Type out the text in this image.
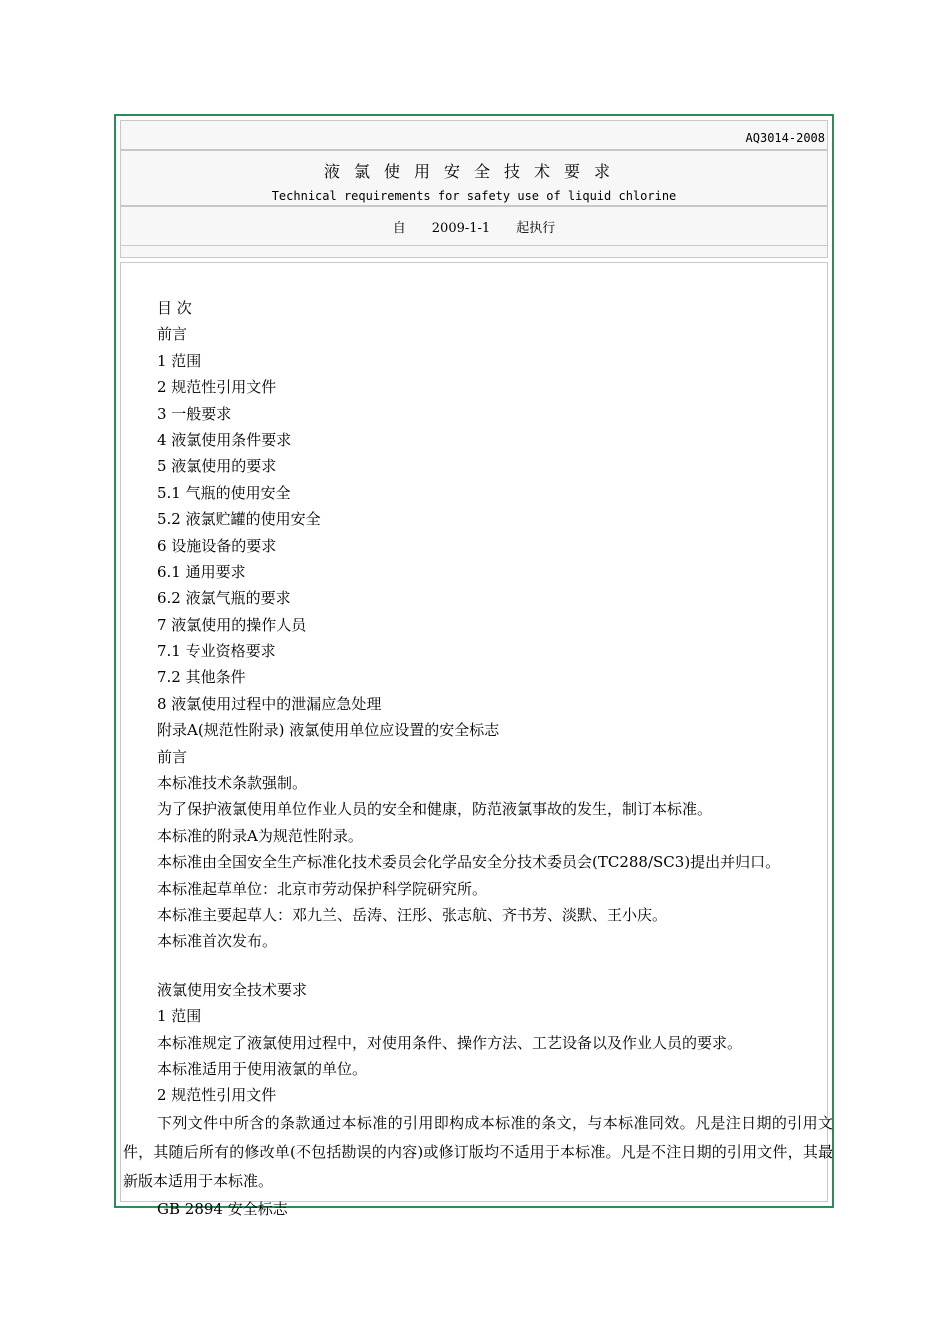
AQ3014-2008
液氯使用安全技术要求
Technical requirements for safety use of liquid chlorine
自 2009-1-1 起执行
目 次
前言
1 范围
2 规范性引用文件
3 一般要求
4 液氯使用条件要求
5 液氯使用的要求
5.1 气瓶的使用安全
5.2 液氯贮罐的使用安全
6 设施设备的要求
6.1 通用要求
6.2 液氯气瓶的要求
7 液氯使用的操作人员
7.1 专业资格要求
7.2 其他条件
8 液氯使用过程中的泄漏应急处理
附录A(规范性附录) 液氯使用单位应设置的安全标志
前言
本标准技术条款强制。
为了保护液氯使用单位作业人员的安全和健康，防范液氯事故的发生，制订本标准。
本标准的附录A为规范性附录。
本标准由全国安全生产标准化技术委员会化学品安全分技术委员会(TC288/SC3)提出并归口。
本标准起草单位：北京市劳动保护科学院研究所。
本标准主要起草人：邓九兰、岳涛、汪彤、张志航、齐书芳、淡默、王小庆。
本标准首次发布。
液氯使用安全技术要求
1 范围
本标准规定了液氯使用过程中，对使用条件、操作方法、工艺设备以及作业人员的要求。
本标准适用于使用液氯的单位。
2 规范性引用文件
下列文件中所含的条款通过本标准的引用即构成本标准的条文，与本标准同效。凡是注日期的引用文件，其随后所有的修改单(不包括勘误的内容)或修订版均不适用于本标准。凡是不注日期的引用文件，其最新版本适用于本标准。
GB 2894 安全标志
